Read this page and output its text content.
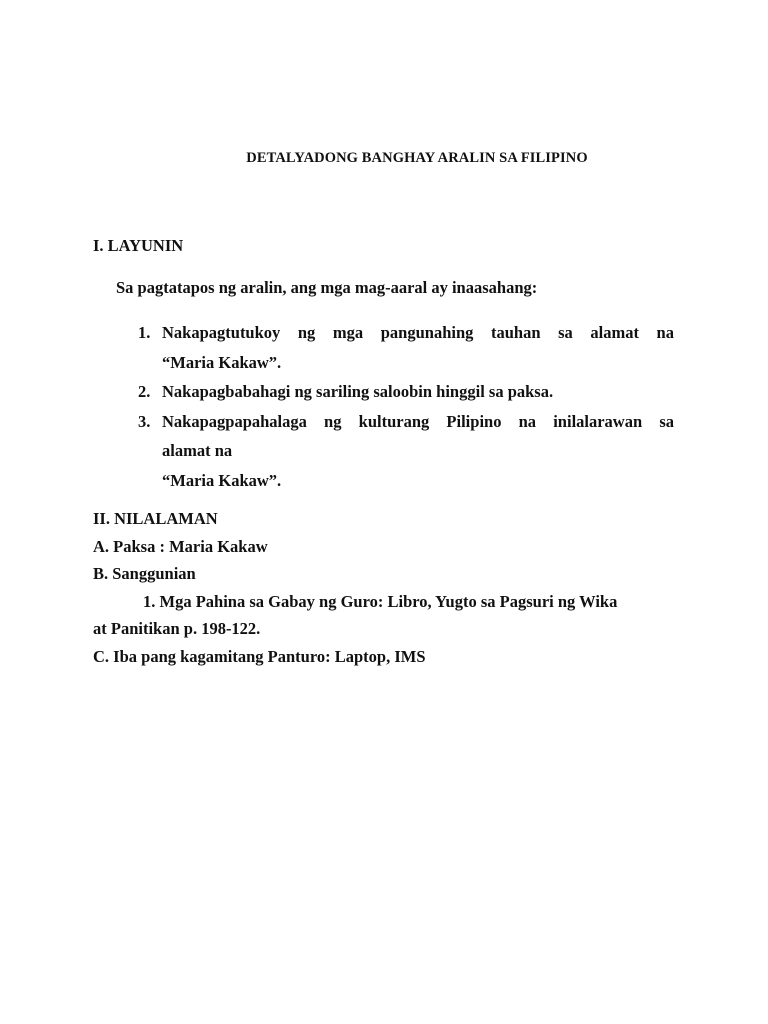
DETALYADONG BANGHAY ARALIN SA FILIPINO
I. LAYUNIN
Sa pagtatapos ng aralin, ang mga mag-aaral ay inaasahang:
1. Nakapagtutukoy ng mga pangunahing tauhan sa alamat na
“Maria Kakaw”.
2. Nakapagbabahagi ng sariling saloobin hinggil sa paksa.
3. Nakapagpapahalaga ng kulturang Pilipino na inilalarawan sa
alamat na
“Maria Kakaw”.
II. NILALAMAN
A. Paksa : Maria Kakaw
B. Sanggunian
1. Mga Pahina sa Gabay ng Guro: Libro, Yugto sa Pagsuri ng Wika
at Panitikan p. 198-122.
C. Iba pang kagamitang Panturo: Laptop, IMS
